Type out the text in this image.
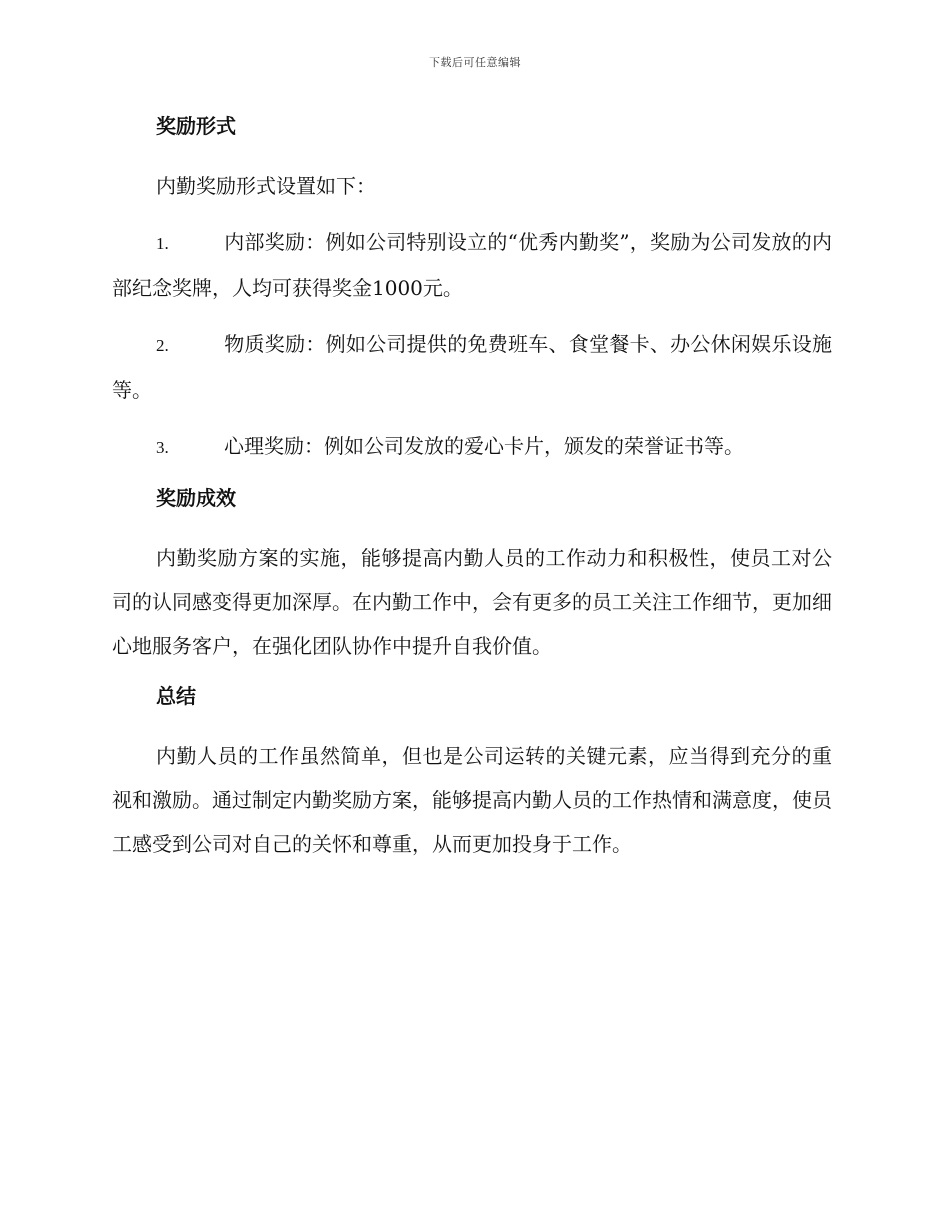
下载后可任意编辑
奖励形式

内勤奖励形式设置如下：

1.	内部奖励：例如公司特别设立的“优秀内勤奖”，奖励为公司发放的内部纪念奖牌，人均可获得奖金1000元。

2.	物质奖励：例如公司提供的免费班车、食堂餐卡、办公休闲娱乐设施等。

3.	心理奖励：例如公司发放的爱心卡片，颁发的荣誉证书等。

奖励成效

内勤奖励方案的实施，能够提高内勤人员的工作动力和积极性，使员工对公司的认同感变得更加深厚。在内勤工作中，会有更多的员工关注工作细节，更加细心地服务客户，在强化团队协作中提升自我价值。

总结

内勤人员的工作虽然简单，但也是公司运转的关键元素，应当得到充分的重视和激励。通过制定内勤奖励方案，能够提高内勤人员的工作热情和满意度，使员工感受到公司对自己的关怀和尊重，从而更加投身于工作。
